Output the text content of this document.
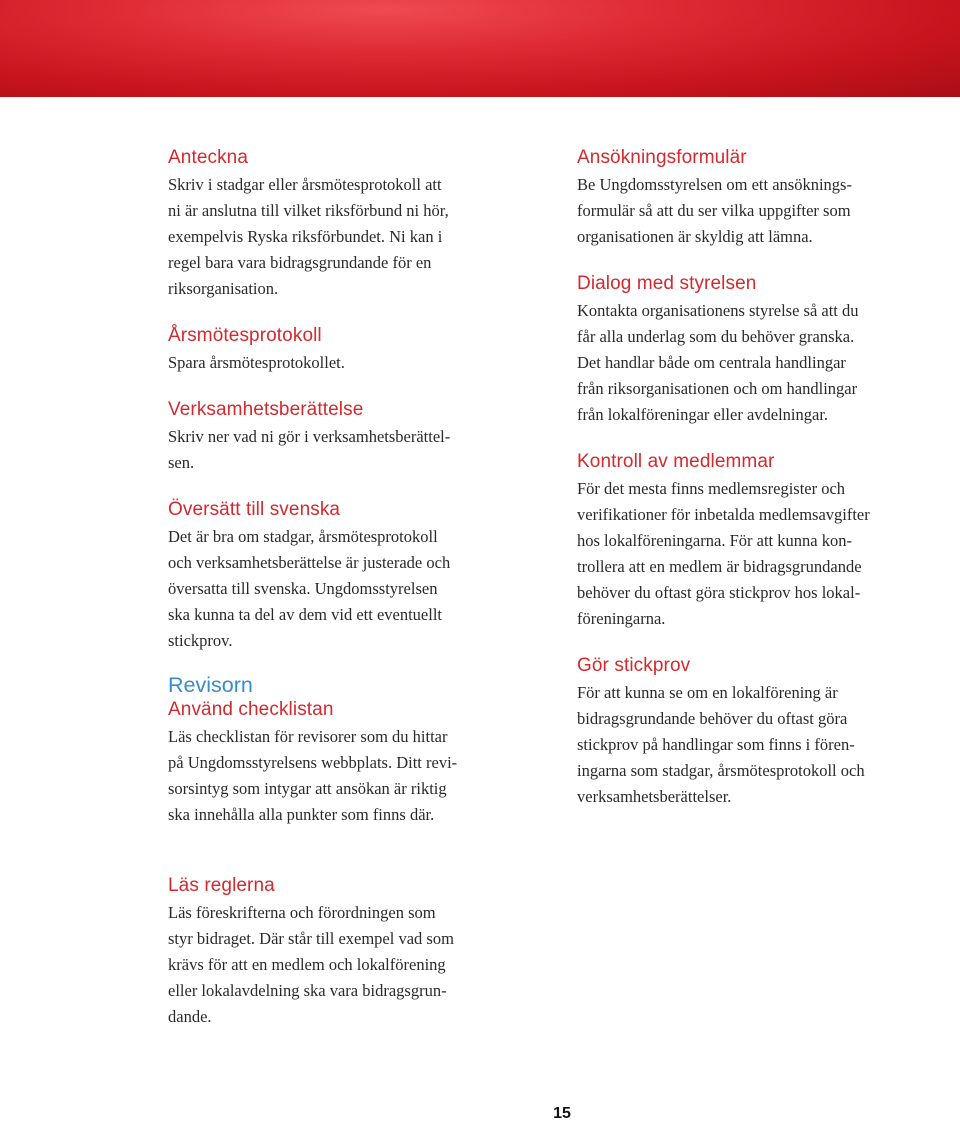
Anteckna

Skriv i stadgar eller årsmötesprotokoll att
ni är anslutna till vilket riksförbund ni hör,
exempelvis Ryska riksförbundet. Ni kan i
regel bara vara bidragsgrundande för en
riksorganisation.

Årsmötesprotokoll

Spara årsmötesprotokollet.

Verksamhetsberättelse

Skriv ner vad ni gör i verksamhetsberättel-
sen.

Översätt till svenska

Det är bra om stadgar, årsmötesprotokoll
och verksamhetsberättelse är justerade och
översatta till svenska. Ungdomsstyrelsen
ska kunna ta del av dem vid ett eventuellt
stickprov.

Revisorn
Använd checklistan

Läs checklistan för revisorer som du hittar
på Ungdomsstyrelsens webbplats. Ditt revi-
sorsintyg som intygar att ansökan är riktig
ska innehålla alla punkter som finns där.

Läs reglerna

Läs föreskrifterna och förordningen som
styr bidraget. Där står till exempel vad som
krävs för att en medlem och lokalförening
eller lokalavdelning ska vara bidragsgrun-
dande.

Ansökningsformulär

Be Ungdomsstyrelsen om ett ansöknings-
formulär så att du ser vilka uppgifter som
organisationen är skyldig att lämna.

Dialog med styrelsen

Kontakta organisationens styrelse så att du
får alla underlag som du behöver granska.
Det handlar både om centrala handlingar
från riksorganisationen och om handlingar
från lokalföreningar eller avdelningar.

Kontroll av medlemmar

För det mesta finns medlemsregister och
verifikationer för inbetalda medlemsavgifter
hos lokalföreningarna. För att kunna kon-
trollera att en medlem är bidragsgrundande
behöver du oftast göra stickprov hos lokal-
föreningarna.

Gör stickprov

För att kunna se om en lokalförening är
bidragsgrundande behöver du oftast göra
stickprov på handlingar som finns i fören-
ingarna som stadgar, årsmötesprotokoll och
verksamhetsberättelser.

15
